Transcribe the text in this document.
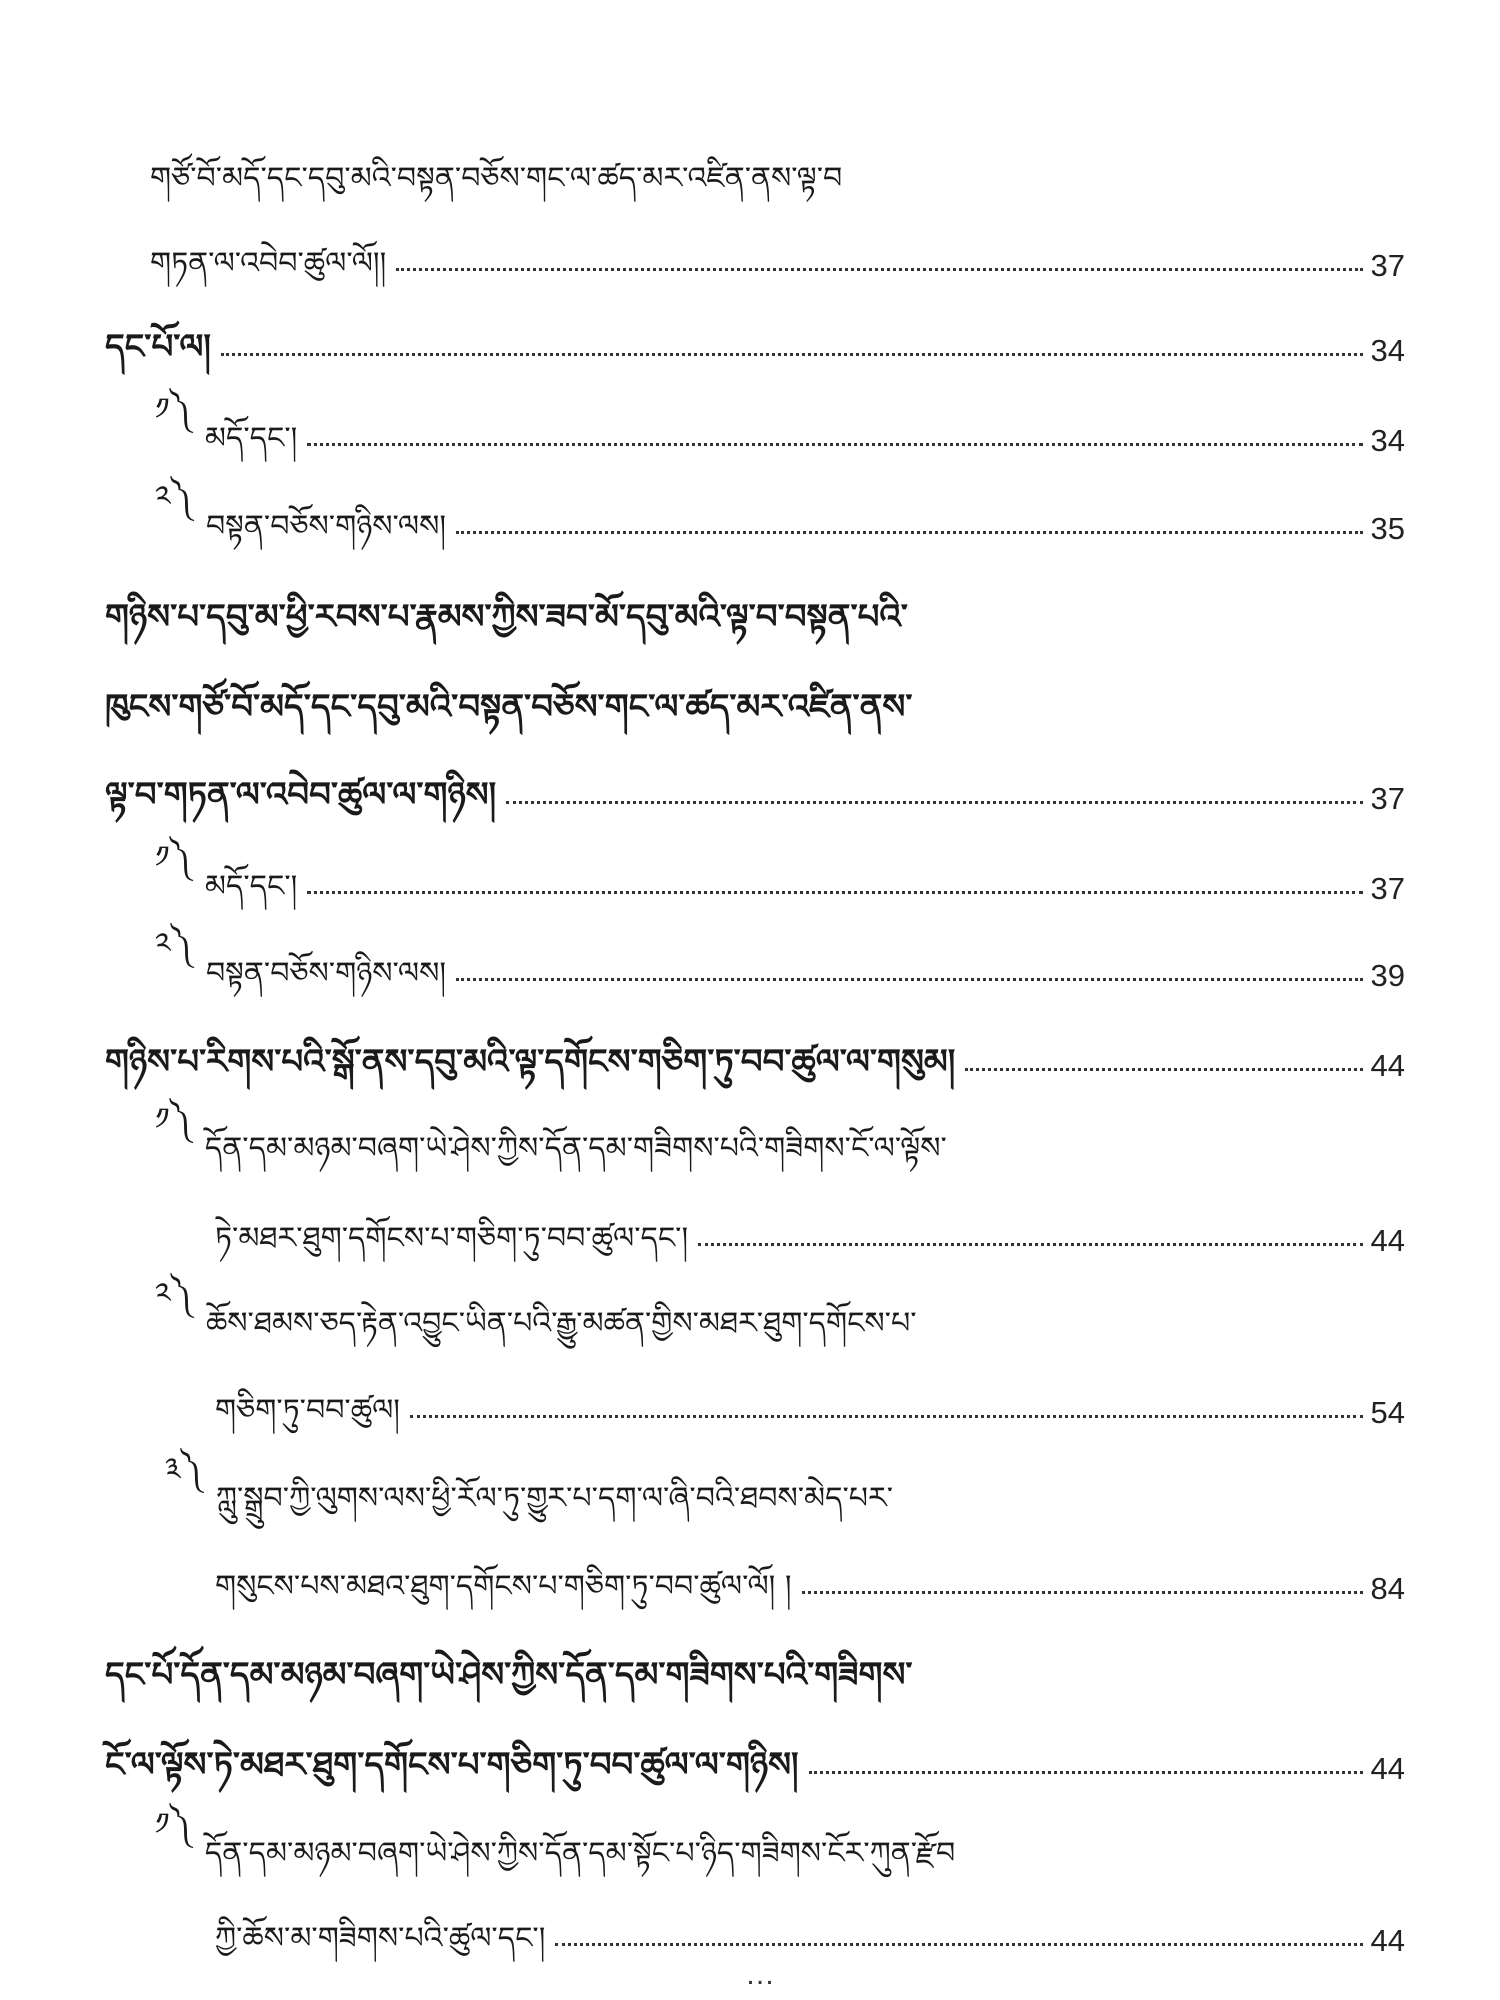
གཙོ་བོ་མདོ་དང་དབུ་མའི་བསྟན་བཅོས་གང་ལ་ཚད་མར་འཛིན་ནས་ལྟ་བ
གཏན་ལ་འབེབ་ཚུལ་ལོ།།	37
དང་པོ་ལ།	34
༡༽
མདོ་དང་།	34
༢༽
བསྟན་བཅོས་གཉིས་ལས།	35
གཉིས་པ་དབུ་མ་ཕྱི་རབས་པ་རྣམས་ཀྱིས་ཟབ་མོ་དབུ་མའི་ལྟ་བ་བསྟན་པའི་
ཁུངས་གཙོ་བོ་མདོ་དང་དབུ་མའི་བསྟན་བཅོས་གང་ལ་ཚད་མར་འཛིན་ནས་
ལྟ་བ་གཏན་ལ་འབེབ་ཚུལ་ལ་གཉིས།	37
༡༽
མདོ་དང་།	37
༢༽
བསྟན་བཅོས་གཉིས་ལས།	39
གཉིས་པ་རིགས་པའི་སྒོ་ནས་དབུ་མའི་ལྟ་དགོངས་གཅིག་ཏུ་བབ་ཚུལ་ལ་གསུམ།	44
༡༽
དོན་དམ་མཉམ་བཞག་ཡེ་ཤེས་ཀྱིས་དོན་དམ་གཟིགས་པའི་གཟིགས་ངོ་ལ་ལྟོས་
ཏེ་མཐར་ཐུག་དགོངས་པ་གཅིག་ཏུ་བབ་ཚུལ་དང་།	44
༢༽
ཆོས་ཐམས་ཅད་རྟེན་འབྱུང་ཡིན་པའི་རྒྱུ་མཚན་གྱིས་མཐར་ཐུག་དགོངས་པ་
གཅིག་ཏུ་བབ་ཚུལ།	54
༣༽
ཀླུ་སྒྲུབ་ཀྱི་ལུགས་ལས་ཕྱི་རོལ་ཏུ་གྱུར་པ་དག་ལ་ཞི་བའི་ཐབས་མེད་པར་
གསུངས་པས་མཐའ་ཐུག་དགོངས་པ་གཅིག་ཏུ་བབ་ཚུལ་ལོ། །	84
དང་པོ་དོན་དམ་མཉམ་བཞག་ཡེ་ཤེས་ཀྱིས་དོན་དམ་གཟིགས་པའི་གཟིགས་
ངོ་ལ་ལྟོས་ཏེ་མཐར་ཐུག་དགོངས་པ་གཅིག་ཏུ་བབ་ཚུལ་ལ་གཉིས།	44
༡༽
དོན་དམ་མཉམ་བཞག་ཡེ་ཤེས་ཀྱིས་དོན་དམ་སྟོང་པ་ཉིད་གཟིགས་ངོར་ཀུན་རྫོབ
ཀྱི་ཆོས་མ་གཟིགས་པའི་ཚུལ་དང་།	44
…
